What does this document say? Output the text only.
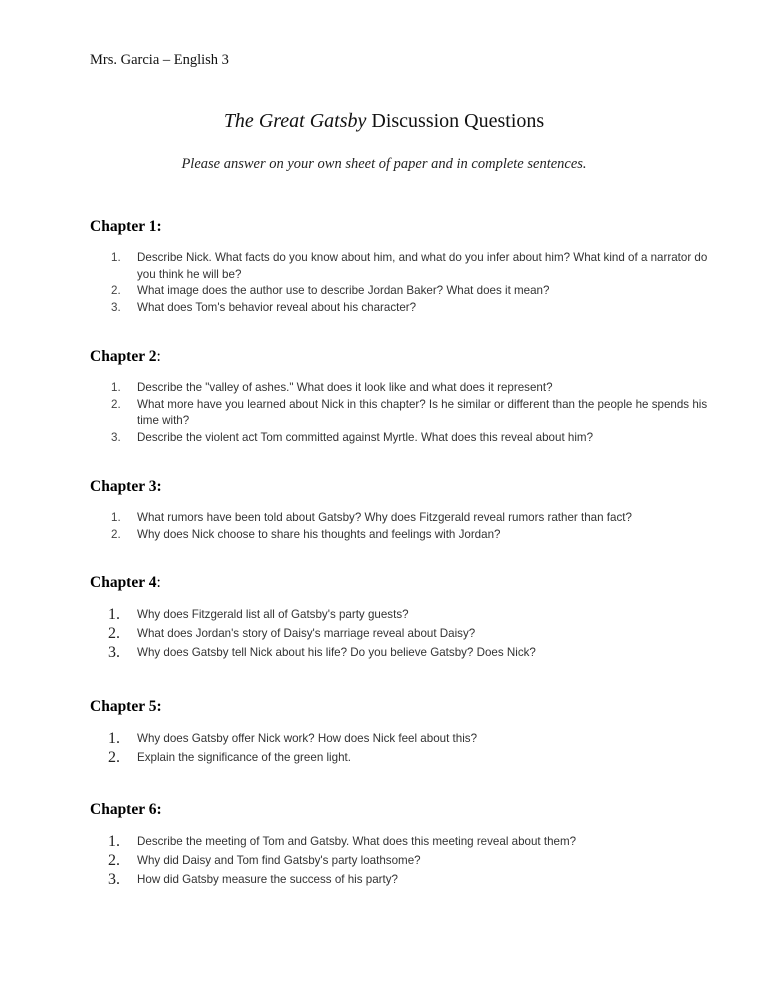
Mrs. Garcia – English 3
The Great Gatsby Discussion Questions
Please answer on your own sheet of paper and in complete sentences.
Chapter 1:
1. Describe Nick. What facts do you know about him, and what do you infer about him? What kind of a narrator do you think he will be?
2. What image does the author use to describe Jordan Baker? What does it mean?
3. What does Tom's behavior reveal about his character?
Chapter 2:
1. Describe the "valley of ashes." What does it look like and what does it represent?
2. What more have you learned about Nick in this chapter? Is he similar or different than the people he spends his time with?
3. Describe the violent act Tom committed against Myrtle. What does this reveal about him?
Chapter 3:
1. What rumors have been told about Gatsby? Why does Fitzgerald reveal rumors rather than fact?
2. Why does Nick choose to share his thoughts and feelings with Jordan?
Chapter 4:
1. Why does Fitzgerald list all of Gatsby's party guests?
2. What does Jordan's story of Daisy's marriage reveal about Daisy?
3. Why does Gatsby tell Nick about his life? Do you believe Gatsby? Does Nick?
Chapter 5:
1. Why does Gatsby offer Nick work? How does Nick feel about this?
2. Explain the significance of the green light.
Chapter 6:
1. Describe the meeting of Tom and Gatsby. What does this meeting reveal about them?
2. Why did Daisy and Tom find Gatsby's party loathsome?
3. How did Gatsby measure the success of his party?
